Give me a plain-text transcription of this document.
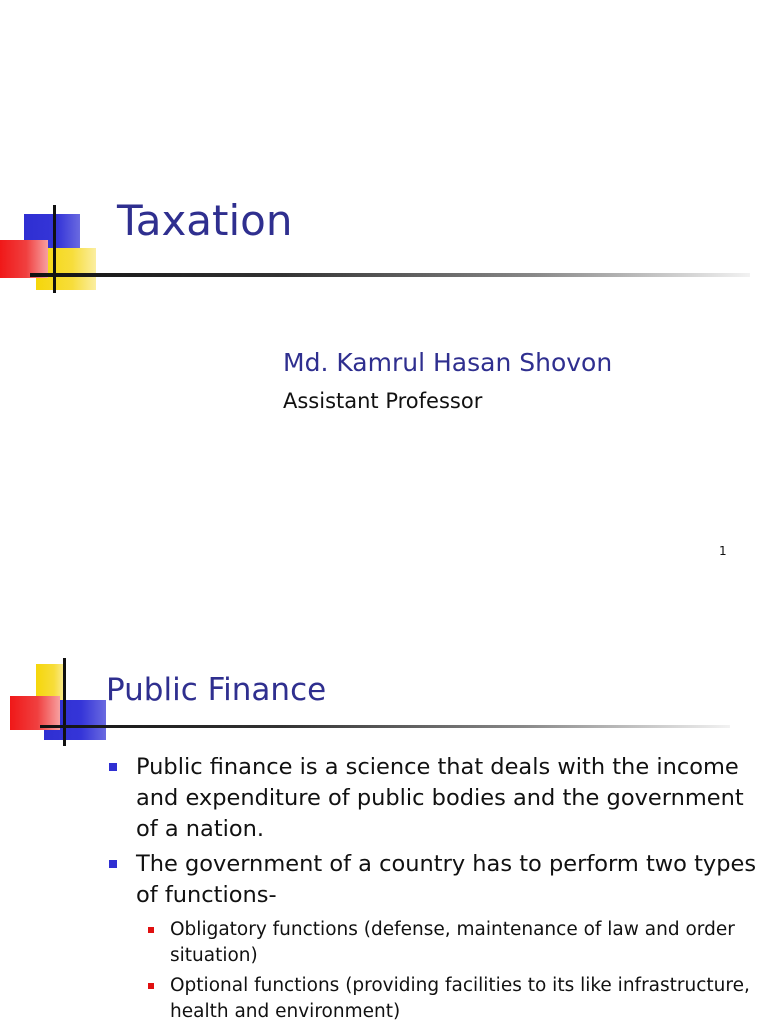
Taxation
Md. Kamrul Hasan Shovon
Assistant Professor
1
Public Finance
Public finance is a science that deals with the income and expenditure of public bodies and the government of a nation.
The government of a country has to perform two types of functions-
Obligatory functions (defense, maintenance of law and order situation)
Optional functions (providing facilities to its like infrastructure, health and environment)
